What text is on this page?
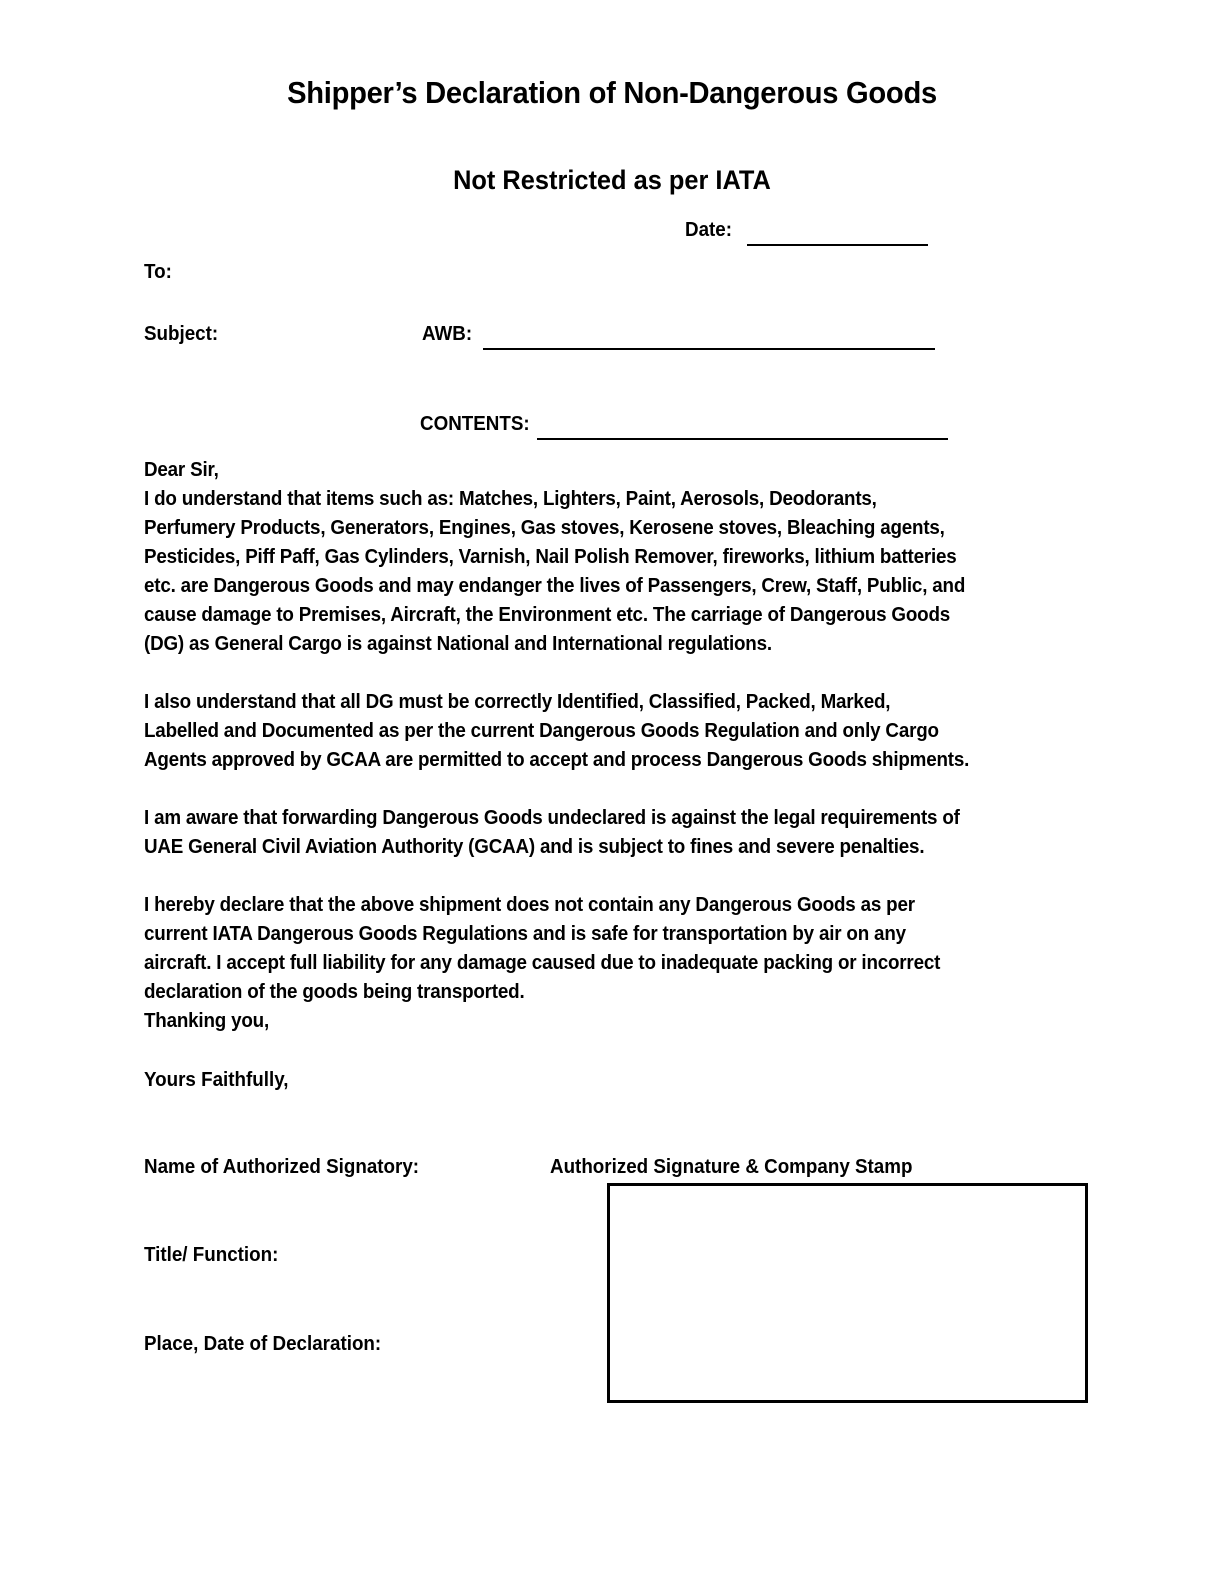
Shipper’s Declaration of Non-Dangerous Goods
Not Restricted as per IATA
Date:
To:
Subject:	AWB:
CONTENTS:
Dear Sir,
I do understand that items such as: Matches, Lighters, Paint, Aerosols, Deodorants,
Perfumery Products, Generators, Engines, Gas stoves, Kerosene stoves, Bleaching agents,
Pesticides, Piff Paff, Gas Cylinders, Varnish, Nail Polish Remover, fireworks, lithium batteries
etc. are Dangerous Goods and may endanger the lives of Passengers, Crew, Staff, Public, and
cause damage to Premises, Aircraft, the Environment etc. The carriage of Dangerous Goods
(DG) as General Cargo is against National and International regulations.
I also understand that all DG must be correctly Identified, Classified, Packed, Marked,
Labelled and Documented as per the current Dangerous Goods Regulation and only Cargo
Agents approved by GCAA are permitted to accept and process Dangerous Goods shipments.
I am aware that forwarding Dangerous Goods undeclared is against the legal requirements of
UAE General Civil Aviation Authority (GCAA) and is subject to fines and severe penalties.
I hereby declare that the above shipment does not contain any Dangerous Goods as per
current IATA Dangerous Goods Regulations and is safe for transportation by air on any
aircraft. I accept full liability for any damage caused due to inadequate packing or incorrect
declaration of the goods being transported.
Thanking you,
Yours Faithfully,
Name of Authorized Signatory:	Authorized Signature & Company Stamp
Title/ Function:
Place, Date of Declaration:
